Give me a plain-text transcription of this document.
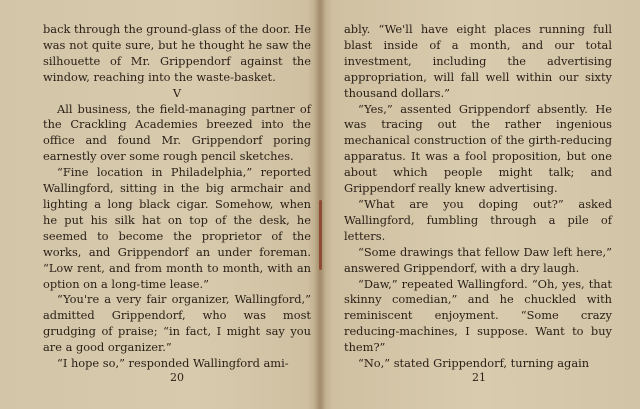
back through the ground-glass of the door. He was not quite sure, but he thought he saw the silhouette of Mr. Grippendorf against the window, reaching into the waste-basket.

V

All business, the field-managing partner of the Crackling Academies breezed into the office and found Mr. Grippendorf poring earnestly over some rough pencil sketches.

“Fine location in Philadelphia,” reported Wallingford, sitting in the big armchair and lighting a long black cigar. Somehow, when he put his silk hat on top of the desk, he seemed to become the proprietor of the works, and Grippendorf an under foreman. “Low rent, and from month to month, with an option on a long-time lease.”

“You're a very fair organizer, Wallingford,” admitted Grippendorf, who was most grudging of praise; “in fact, I might say you are a good organizer.”

“I hope so,” responded Wallingford ami-

20

ably. “We'll have eight places running full blast inside of a month, and our total investment, including the advertising appropriation, will fall well within our sixty thousand dollars.”

“Yes,” assented Grippendorf absently. He was tracing out the rather ingenious mechanical construction of the girth-reducing apparatus. It was a fool proposition, but one about which people might talk; and Grippendorf really knew advertising.

“What are you doping out?” asked Wallingford, fumbling through a pile of letters.

“Some drawings that fellow Daw left here,” answered Grippendorf, with a dry laugh.

“Daw,” repeated Wallingford. “Oh, yes, that skinny comedian,” and he chuckled with reminiscent enjoyment. “Some crazy reducing-machines, I suppose. Want to buy them?”

“No,” stated Grippendorf, turning again

21
